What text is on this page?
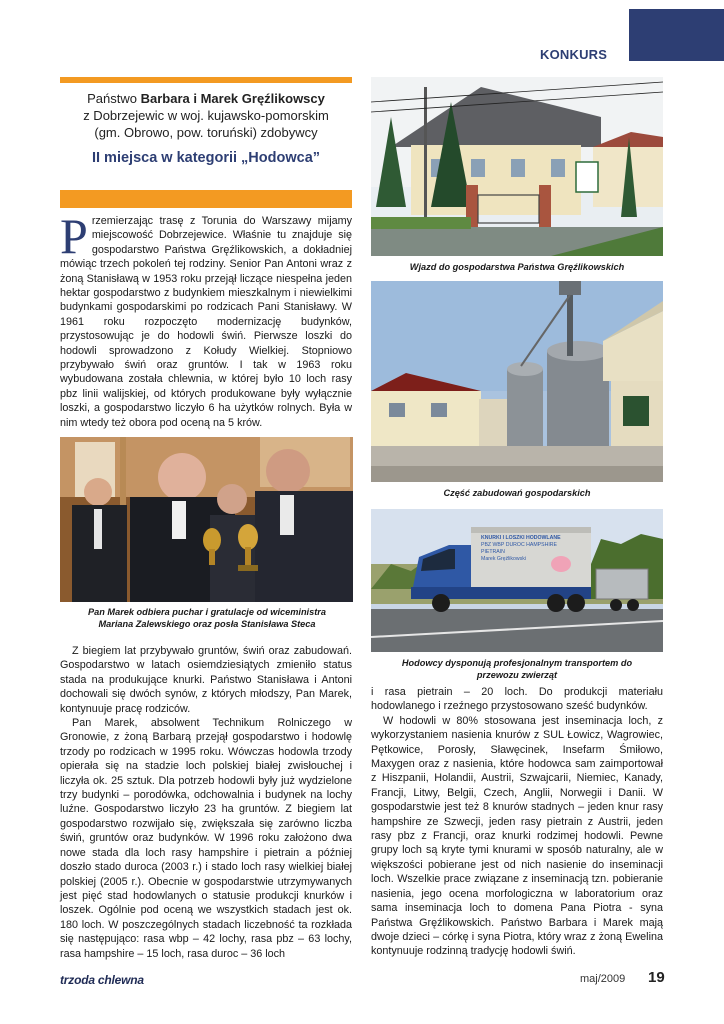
KONKURS
Państwo Barbara i Marek Gręźlikowscy
z Dobrzejewic w woj. kujawsko-pomorskim
(gm. Obrowo, pow. toruński) zdobywcy
II miejsca w kategorii „Hodowca”

Przemierzając trasę z Torunia do Warszawy mijamy miejscowość Dobrzejewice. Właśnie tu znajduje się gospodarstwo Państwa Gręźlikowskich, a dokładniej mówiąc trzech pokoleń tej rodziny. Senior Pan Antoni wraz z żoną Stanisławą w 1953 roku przejął liczące niespełna jeden hektar gospodarstwo z budynkiem mieszkalnym i niewielkimi budynkami gospodarskimi po rodzicach Pani Stanisławy. W 1961 roku rozpoczęto modernizację budynków, przystosowując je do hodowli świń. Pierwsze loszki do hodowli sprowadzono z Kołudy Wielkiej. Stopniowo przybywało świń oraz gruntów. I tak w 1963 roku wybudowana została chlewnia, w której było 10 loch rasy pbz linii walijskiej, od których produkowane były wyłącznie loszki, a gospodarstwo liczyło 6 ha użytków rolnych. Była w nim wtedy też obora pod oceną na 5 krów.

Pan Marek odbiera puchar i gratulacje od wiceministra Mariana Zalewskiego oraz posła Stanisława Steca

Z biegiem lat przybywało gruntów, świń oraz zabudowań. Gospodarstwo w latach osiemdziesiątych zmieniło status stada na produkujące knurki. Państwo Stanisława i Antoni dochowali się dwóch synów, z których młodszy, Pan Marek, kontynuuje pracę rodziców.

Pan Marek, absolwent Technikum Rolniczego w Gronowie, z żoną Barbarą przejął gospodarstwo i hodowlę trzody po rodzicach w 1995 roku. Wówczas hodowla trzody opierała się na stadzie loch polskiej białej zwisłouchej i liczyła ok. 25 sztuk. Dla potrzeb hodowli były już wydzielone trzy budynki – porodówka, odchowalnia i budynek na lochy luźne. Gospodarstwo liczyło 23 ha gruntów. Z biegiem lat gospodarstwo rozwijało się, zwiększała się zarówno liczba świń, gruntów oraz budynków. W 1996 roku założono dwa nowe stada dla loch rasy hampshire i pietrain a później doszło stado duroca (2003 r.) i stado loch rasy wielkiej białej polskiej (2005 r.). Obecnie w gospodarstwie utrzymywanych jest pięć stad hodowlanych o statusie produkcji knurków i loszek. Ogólnie pod oceną we wszystkich stadach jest ok. 180 loch. W poszczególnych stadach liczebność ta rozkłada się następująco: rasa wbp – 42 lochy, rasa pbz – 63 lochy, rasa hampshire – 15 loch, rasa duroc – 36 loch

Wjazd do gospodarstwa Państwa Gręźlikowskich
Część zabudowań gospodarskich
KNURKI I LOSZKI HODOWLANE
PBZ WBP DUROC HAMPSHIRE PIETRAIN
Marek Gręźlikowski
Hodowcy dysponują profesjonalnym transportem do przewozu zwierząt

i rasa pietrain – 20 loch. Do produkcji materiału hodowlanego i rzeźnego przystosowano sześć budynków.

W hodowli w 80% stosowana jest inseminacja loch, z wykorzystaniem nasienia knurów z SUL Łowicz, Wagrowiec, Pętkowice, Porosły, Sławęcinek, Insefarm Śmiłowo, Maxygen oraz z nasienia, które hodowca sam zaimportował z Hiszpanii, Holandii, Austrii, Szwajcarii, Niemiec, Kanady, Francji, Litwy, Belgii, Czech, Anglii, Norwegii i Danii. W gospodarstwie jest też 8 knurów stadnych – jeden knur rasy hampshire ze Szwecji, jeden rasy pietrain z Austrii, jeden rasy pbz z Francji, oraz knurki rodzimej hodowli. Pewne grupy loch są kryte tymi knurami w sposób naturalny, ale w większości pobierane jest od nich nasienie do inseminacji loch. Wszelkie prace związane z inseminacją tzn. pobieranie nasienia, jego ocena morfologiczna w laboratorium oraz sama inseminacja loch to domena Pana Piotra - syna Państwa Gręźlikowskich. Państwo Barbara i Marek mają dwoje dzieci – córkę i syna Piotra, który wraz z żoną Ewelina kontynuuje rodzinną tradycję hodowli świń.

trzoda chlewna	maj/2009 19
